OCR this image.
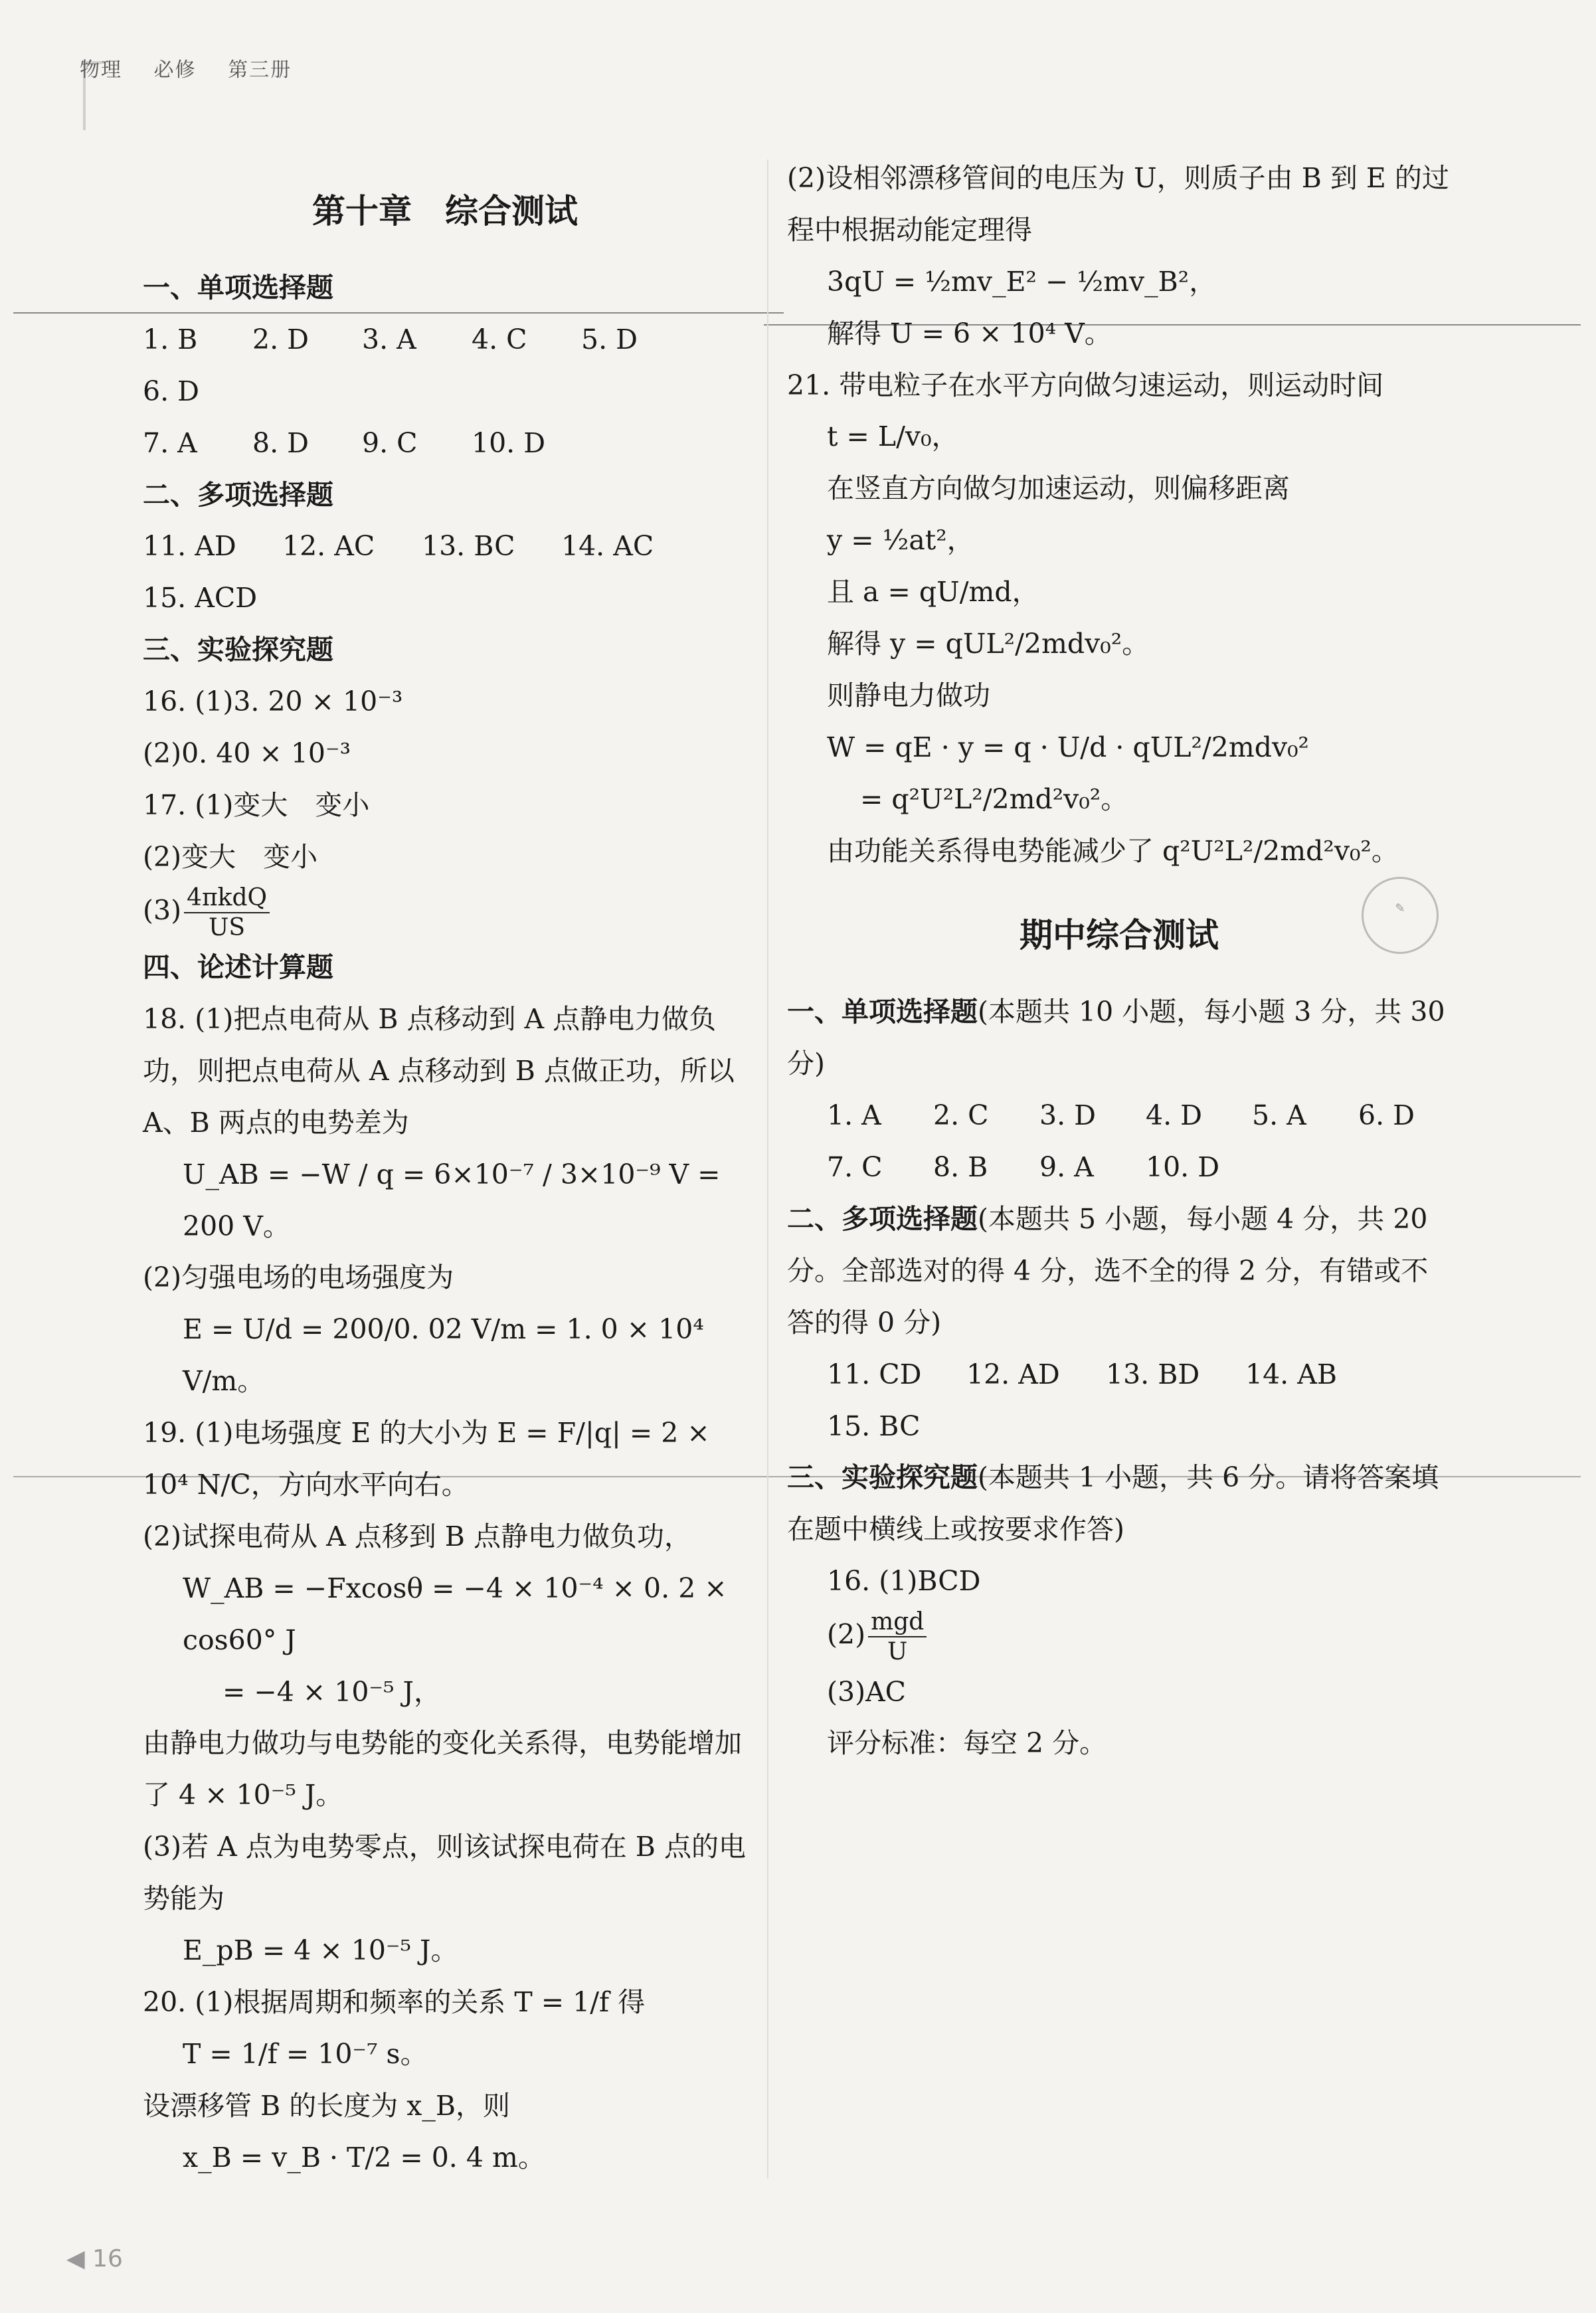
物理 必修 第三册

第十章　综合测试

一、单项选择题

1. B 2. D 3. A 4. C 5. D6. D

7. A 8. D 9. C 10. D

二、多项选择题

11. AD 12. AC 13. BC 14. AC

15. ACD

三、实验探究题

16. (1)3. 20 × 10⁻³

(2)0. 40 × 10⁻³

17. (1)变大　变小

(2)变大　变小

$(3) \frac{\text{4πkdQ}}{US}$

四、论述计算题

18. (1)把点电荷从 B 点移动到 A 点静电力做负功，则把点电荷从 A 点移动到 B 点做正功，所以 A、B 两点的电势差为

U_AB = −W / q = 6×10⁻⁷ / 3×10⁻⁹ V = 200 V。

(2)匀强电场的电场强度为

E = U/d = 200/0. 02 V/m = 1. 0 × 10⁴ V/m。

19. (1)电场强度 E 的大小为 E = F/|q| = 2 × 10⁴ N/C，方向水平向右。

(2)试探电荷从 A 点移到 B 点静电力做负功，

W_AB = −Fxcosθ = −4 × 10⁻⁴ × 0. 2 × cos60° J

= −4 × 10⁻⁵ J，

由静电力做功与电势能的变化关系得，电势能增加了 4 × 10⁻⁵ J。

(3)若 A 点为电势零点，则该试探电荷在 B 点的电势能为

E_pB = 4 × 10⁻⁵ J。

20. (1)根据周期和频率的关系 T = 1/f 得

T = 1/f = 10⁻⁷ s。

设漂移管 B 的长度为 x_B，则

x_B = v_B · T/2 = 0. 4 m。

(2)设相邻漂移管间的电压为 U，则质子由 B 到 E 的过程中根据动能定理得

3qU = ½mv_E² − ½mv_B²，

解得 U = 6 × 10⁴ V。

21. 带电粒子在水平方向做匀速运动，则运动时间

t = L/v₀，

在竖直方向做匀加速运动，则偏移距离

y = ½at²，

且 a = qU/md，

解得 y = qUL²/2mdv₀²。

则静电力做功

W = qE · y = q · U/d · qUL²/2mdv₀²

= q²U²L²/2md²v₀²。

由功能关系得电势能减少了 q²U²L²/2md²v₀²。

期中综合测试

一、单项选择题(本题共 10 小题，每小题 3 分，共 30 分)

1. A 2. C 3. D 4. D 5. A 6. D

7. C 8. B 9. A 10. D

二、多项选择题(本题共 5 小题，每小题 4 分，共 20 分。全部选对的得 4 分，选不全的得 2 分，有错或不答的得 0 分)

11. CD 12. AD 13. BD 14. AB

15. BC

三、实验探究题(本题共 1 小题，共 6 分。请将答案填在题中横线上或按要求作答)

16. (1)BCD

$(2) \frac{\text{mgd}}{U}$

(3)AC

评分标准：每空 2 分。

✎
◀ 16
